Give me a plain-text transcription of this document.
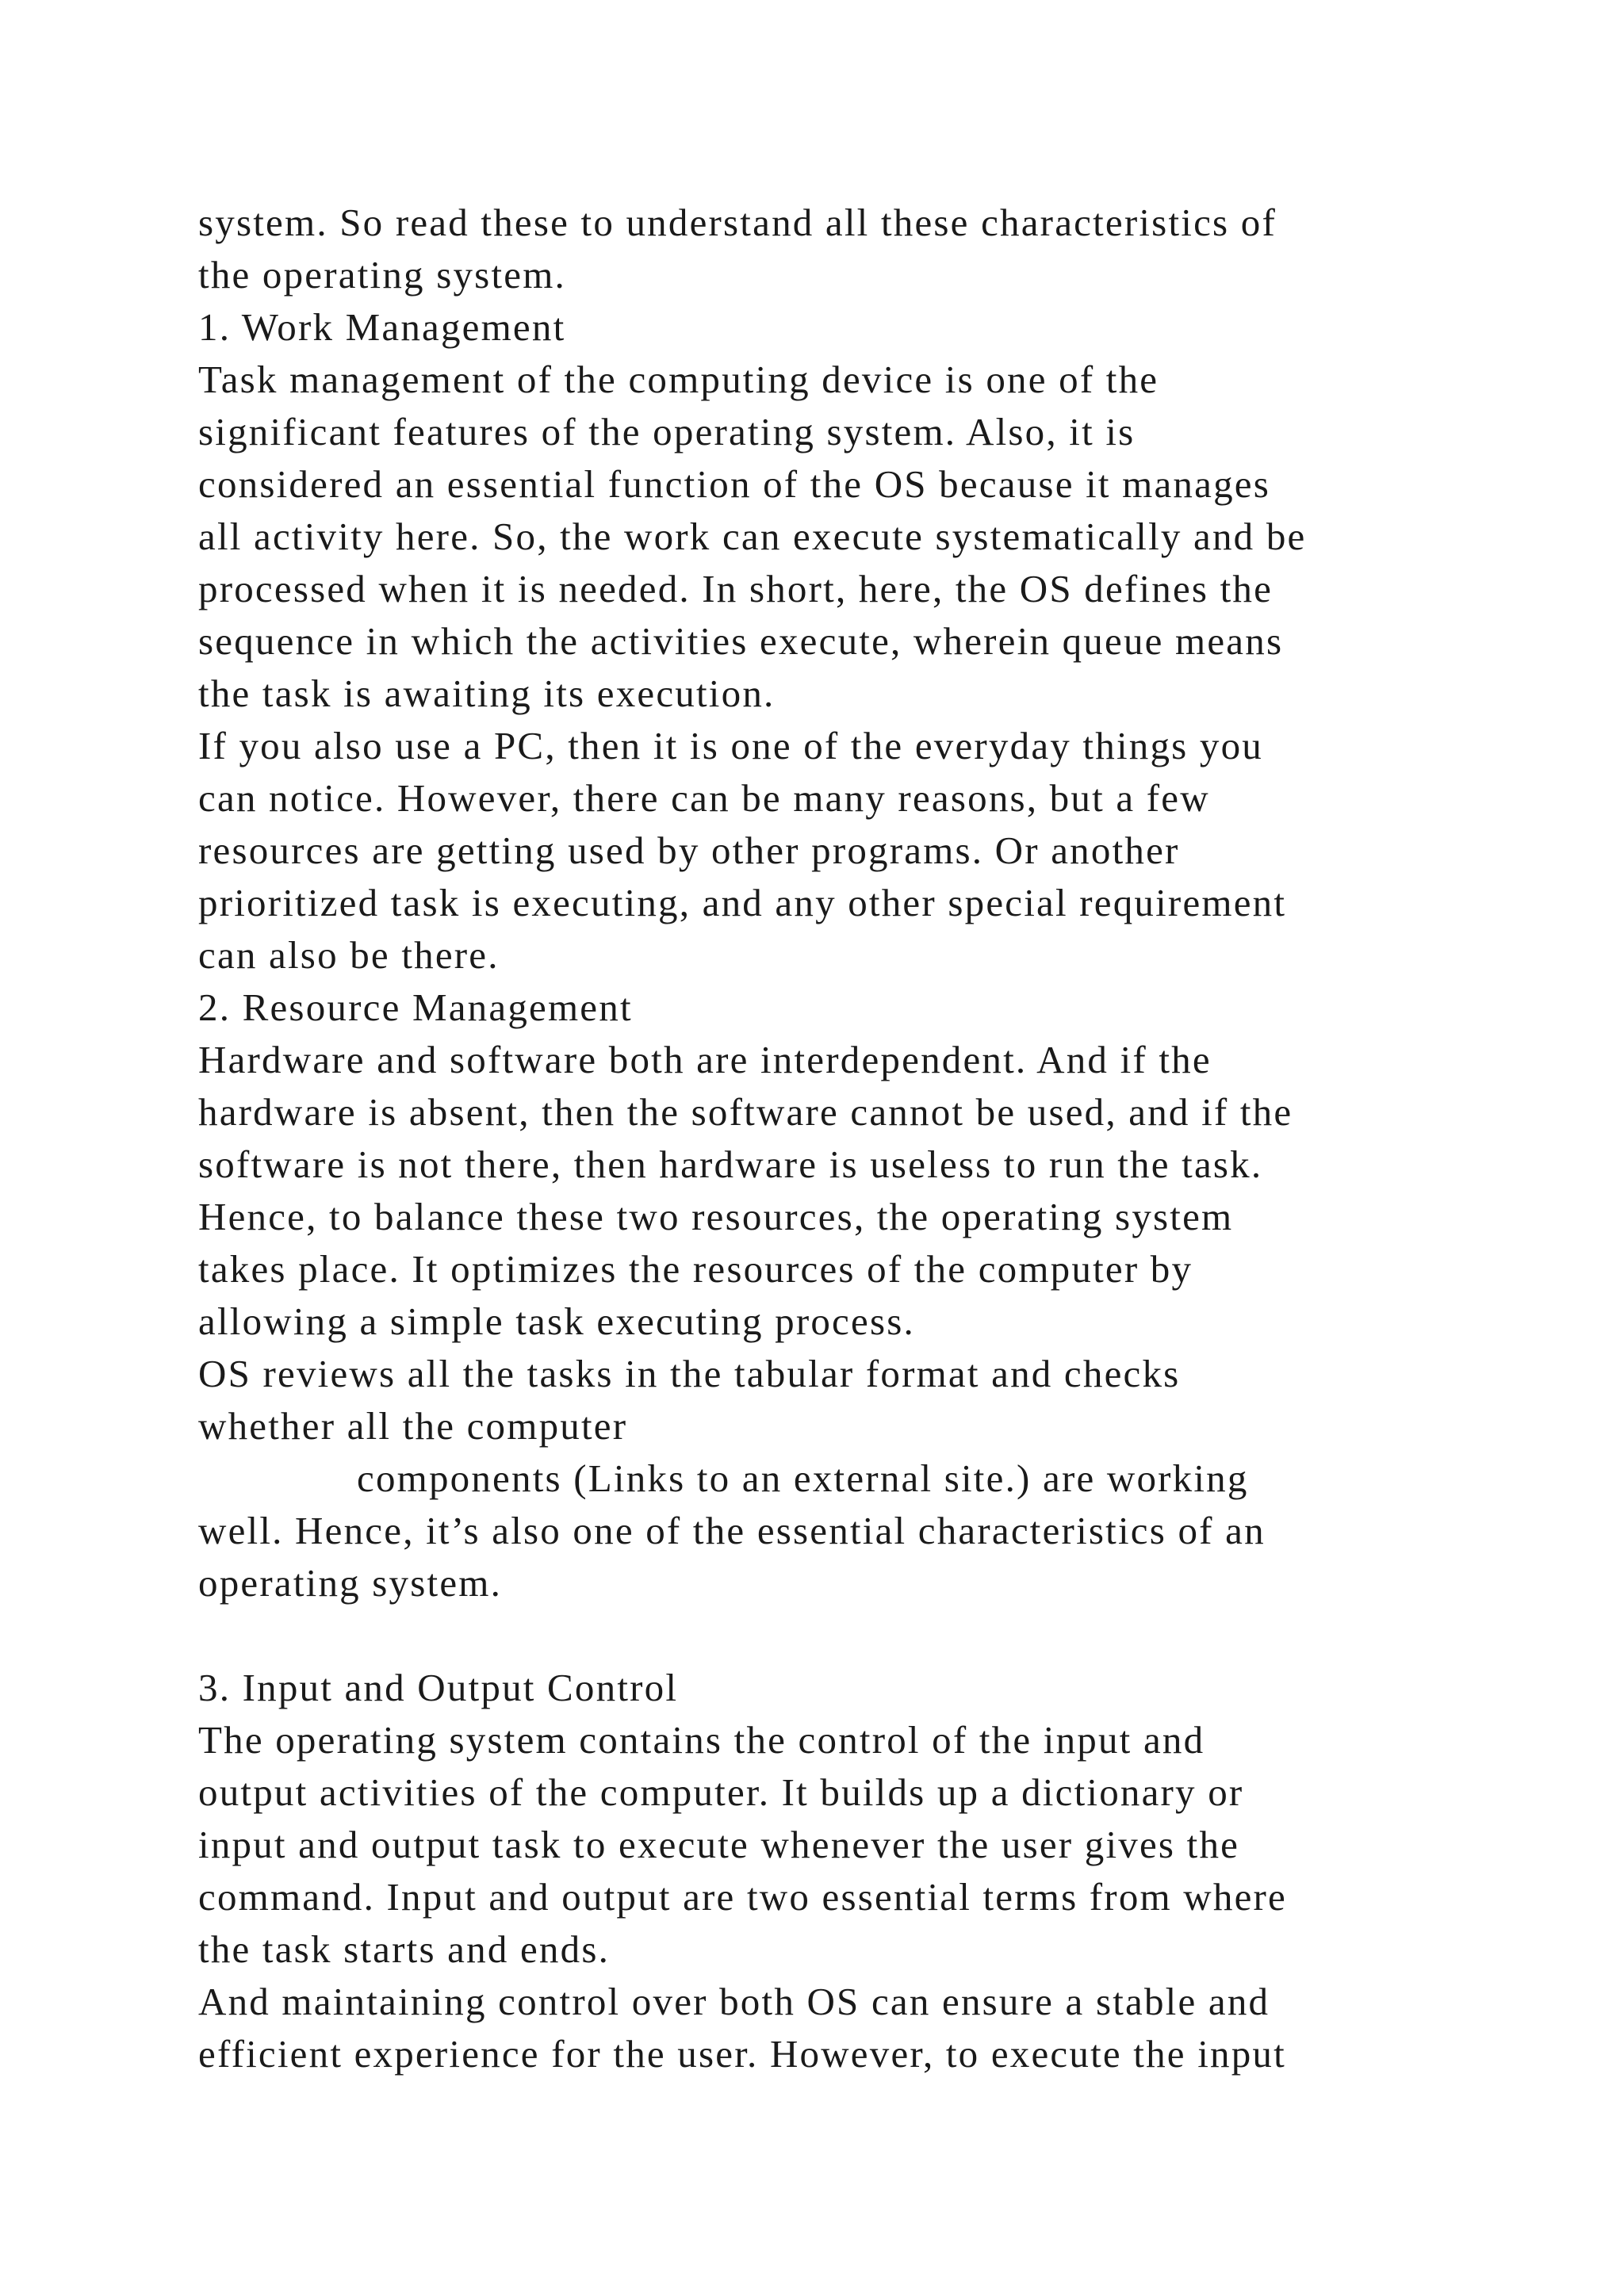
system. So read these to understand all these characteristics of
the operating system.
1. Work Management
Task management of the computing device is one of the
significant features of the operating system. Also, it is
considered an essential function of the OS because it manages
all activity here. So, the work can execute systematically and be
processed when it is needed. In short, here, the OS defines the
sequence in which the activities execute, wherein queue means
the task is awaiting its execution.
If you also use a PC, then it is one of the everyday things you
can notice. However, there can be many reasons, but a few
resources are getting used by other programs. Or another
prioritized task is executing, and any other special requirement
can also be there.
2. Resource Management
Hardware and software both are interdependent. And if the
hardware is absent, then the software cannot be used, and if the
software is not there, then hardware is useless to run the task.
Hence, to balance these two resources, the operating system
takes place. It optimizes the resources of the computer by
allowing a simple task executing process.
OS reviews all the tasks in the tabular format and checks
whether all the computer
components (Links to an external site.) are working
well. Hence, it’s also one of the essential characteristics of an
operating system.
3. Input and Output Control
The operating system contains the control of the input and
output activities of the computer. It builds up a dictionary or
input and output task to execute whenever the user gives the
command. Input and output are two essential terms from where
the task starts and ends.
And maintaining control over both OS can ensure a stable and
efficient experience for the user. However, to execute the input
